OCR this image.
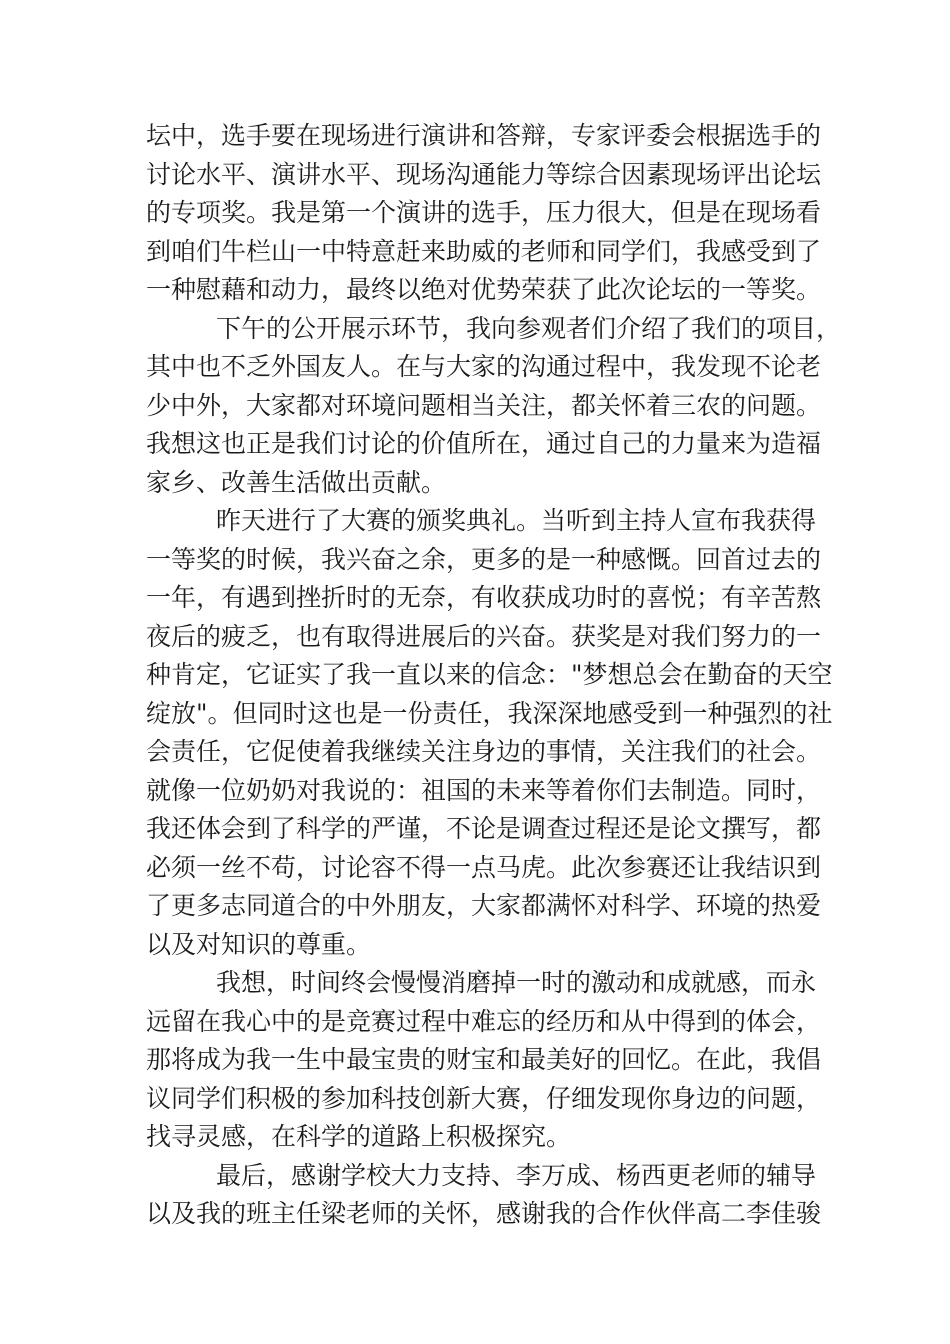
坛中，选手要在现场进行演讲和答辩，专家评委会根据选手的
讨论水平、演讲水平、现场沟通能力等综合因素现场评出论坛
的专项奖。我是第一个演讲的选手，压力很大，但是在现场看
到咱们牛栏山一中特意赶来助威的老师和同学们，我感受到了
一种慰藉和动力，最终以绝对优势荣获了此次论坛的一等奖。
下午的公开展示环节，我向参观者们介绍了我们的项目，
其中也不乏外国友人。在与大家的沟通过程中，我发现不论老
少中外，大家都对环境问题相当关注，都关怀着三农的问题。
我想这也正是我们讨论的价值所在，通过自己的力量来为造福
家乡、改善生活做出贡献。
昨天进行了大赛的颁奖典礼。当听到主持人宣布我获得
一等奖的时候，我兴奋之余，更多的是一种感慨。回首过去的
一年，有遇到挫折时的无奈，有收获成功时的喜悦；有辛苦熬
夜后的疲乏，也有取得进展后的兴奋。获奖是对我们努力的一
种肯定，它证实了我一直以来的信念："梦想总会在勤奋的天空
绽放"。但同时这也是一份责任，我深深地感受到一种强烈的社
会责任，它促使着我继续关注身边的事情，关注我们的社会。
就像一位奶奶对我说的：祖国的未来等着你们去制造。同时，
我还体会到了科学的严谨，不论是调查过程还是论文撰写，都
必须一丝不苟，讨论容不得一点马虎。此次参赛还让我结识到
了更多志同道合的中外朋友，大家都满怀对科学、环境的热爱
以及对知识的尊重。
我想，时间终会慢慢消磨掉一时的激动和成就感，而永
远留在我心中的是竞赛过程中难忘的经历和从中得到的体会，
那将成为我一生中最宝贵的财宝和最美好的回忆。在此，我倡
议同学们积极的参加科技创新大赛，仔细发现你身边的问题，
找寻灵感，在科学的道路上积极探究。
最后，感谢学校大力支持、李万成、杨西更老师的辅导
以及我的班主任梁老师的关怀，感谢我的合作伙伴高二李佳骏
